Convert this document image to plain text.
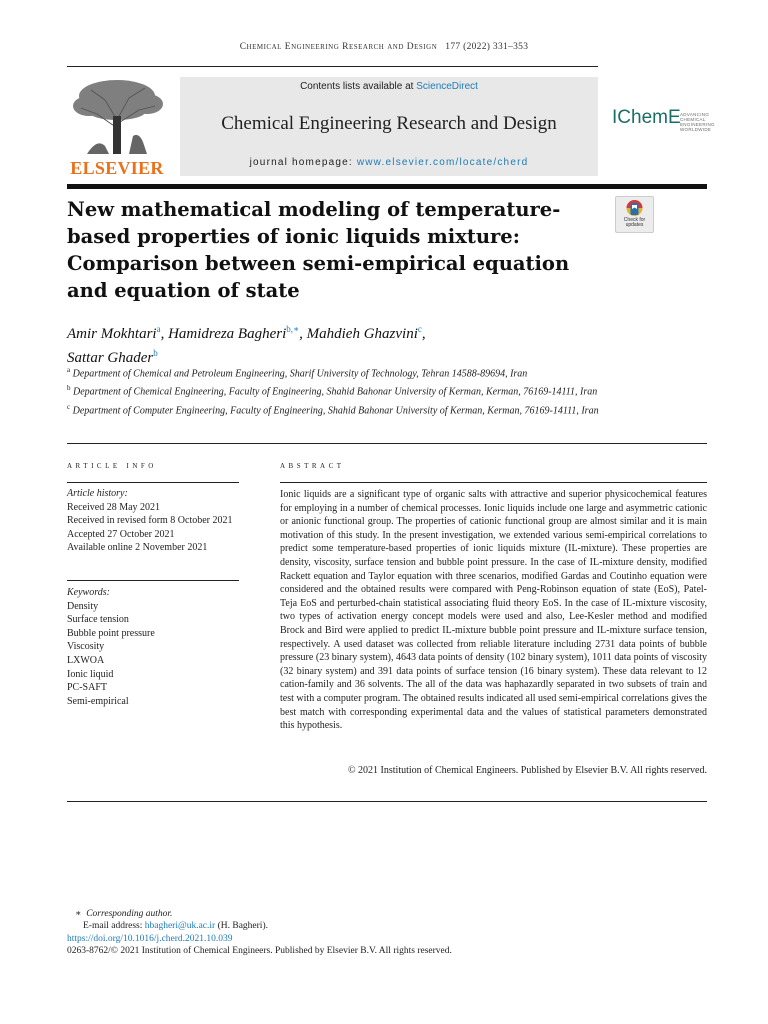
Chemical Engineering Research and Design 177 (2022) 331–353
ELSEVIER
Contents lists available at ScienceDirect
Chemical Engineering Research and Design
journal homepage: www.elsevier.com/locate/cherd
IChemE ADVANCING CHEMICAL ENGINEERING WORLDWIDE
New mathematical modeling of temperature-based properties of ionic liquids mixture: Comparison between semi-empirical equation and equation of state
Check for updates
Amir Mokhtari$^a$, Hamidreza Bagheri$^{b,∗}$, Mahdieh Ghazvini$^c$,
Sattar Ghader$^b$
$^a$ Department of Chemical and Petroleum Engineering, Sharif University of Technology, Tehran 14588-89694, Iran
$^b$ Department of Chemical Engineering, Faculty of Engineering, Shahid Bahonar University of Kerman, Kerman, 76169-14111, Iran
$^c$ Department of Computer Engineering, Faculty of Engineering, Shahid Bahonar University of Kerman, Kerman, 76169-14111, Iran
article info
Article history:
Received 28 May 2021
Received in revised form 8 October 2021
Accepted 27 October 2021
Available online 2 November 2021
Keywords:
Density
Surface tension
Bubble point pressure
Viscosity
LXWOA
Ionic liquid
PC-SAFT
Semi-empirical
abstract
Ionic liquids are a significant type of organic salts with attractive and superior physicochemical features for employing in a number of chemical processes. Ionic liquids include one large and asymmetric cationic or anionic functional group. The properties of cationic functional group are almost similar and it is main motivation of this study. In the present investigation, we extended various semi-empirical correlations to predict some temperature-based properties of ionic liquids mixture (IL-mixture). These properties are density, viscosity, surface tension and bubble point pressure. In the case of IL-mixture density, modified Rackett equation and Taylor equation with three scenarios, modified Gardas and Coutinho equation were considered and the obtained results were compared with Peng-Robinson equation of state (EoS), Patel-Teja EoS and perturbed-chain statistical associating fluid theory EoS. In the case of IL-mixture viscosity, two types of activation energy concept models were used and also, Lee-Kesler method and modified Brock and Bird were applied to predict IL-mixture bubble point pressure and IL-mixture surface tension, respectively. A used dataset was collected from reliable literature including 2731 data points of bubble pressure (23 binary system), 4643 data points of density (102 binary system), 1011 data points of viscosity (32 binary system) and 391 data points of surface tension (16 binary system). These data relevant to 12 cation-family and 36 solvents. The all of the data was haphazardly separated in two subsets of train and test with a computer program. The obtained results indicated all used semi-empirical correlations gives the best match with corresponding experimental data and the values of statistical parameters demonstrated this hypothesis.
© 2021 Institution of Chemical Engineers. Published by Elsevier B.V. All rights reserved.
∗ Corresponding author.
E-mail address: hbagheri@uk.ac.ir (H. Bagheri).
https://doi.org/10.1016/j.cherd.2021.10.039
0263-8762/© 2021 Institution of Chemical Engineers. Published by Elsevier B.V. All rights reserved.
